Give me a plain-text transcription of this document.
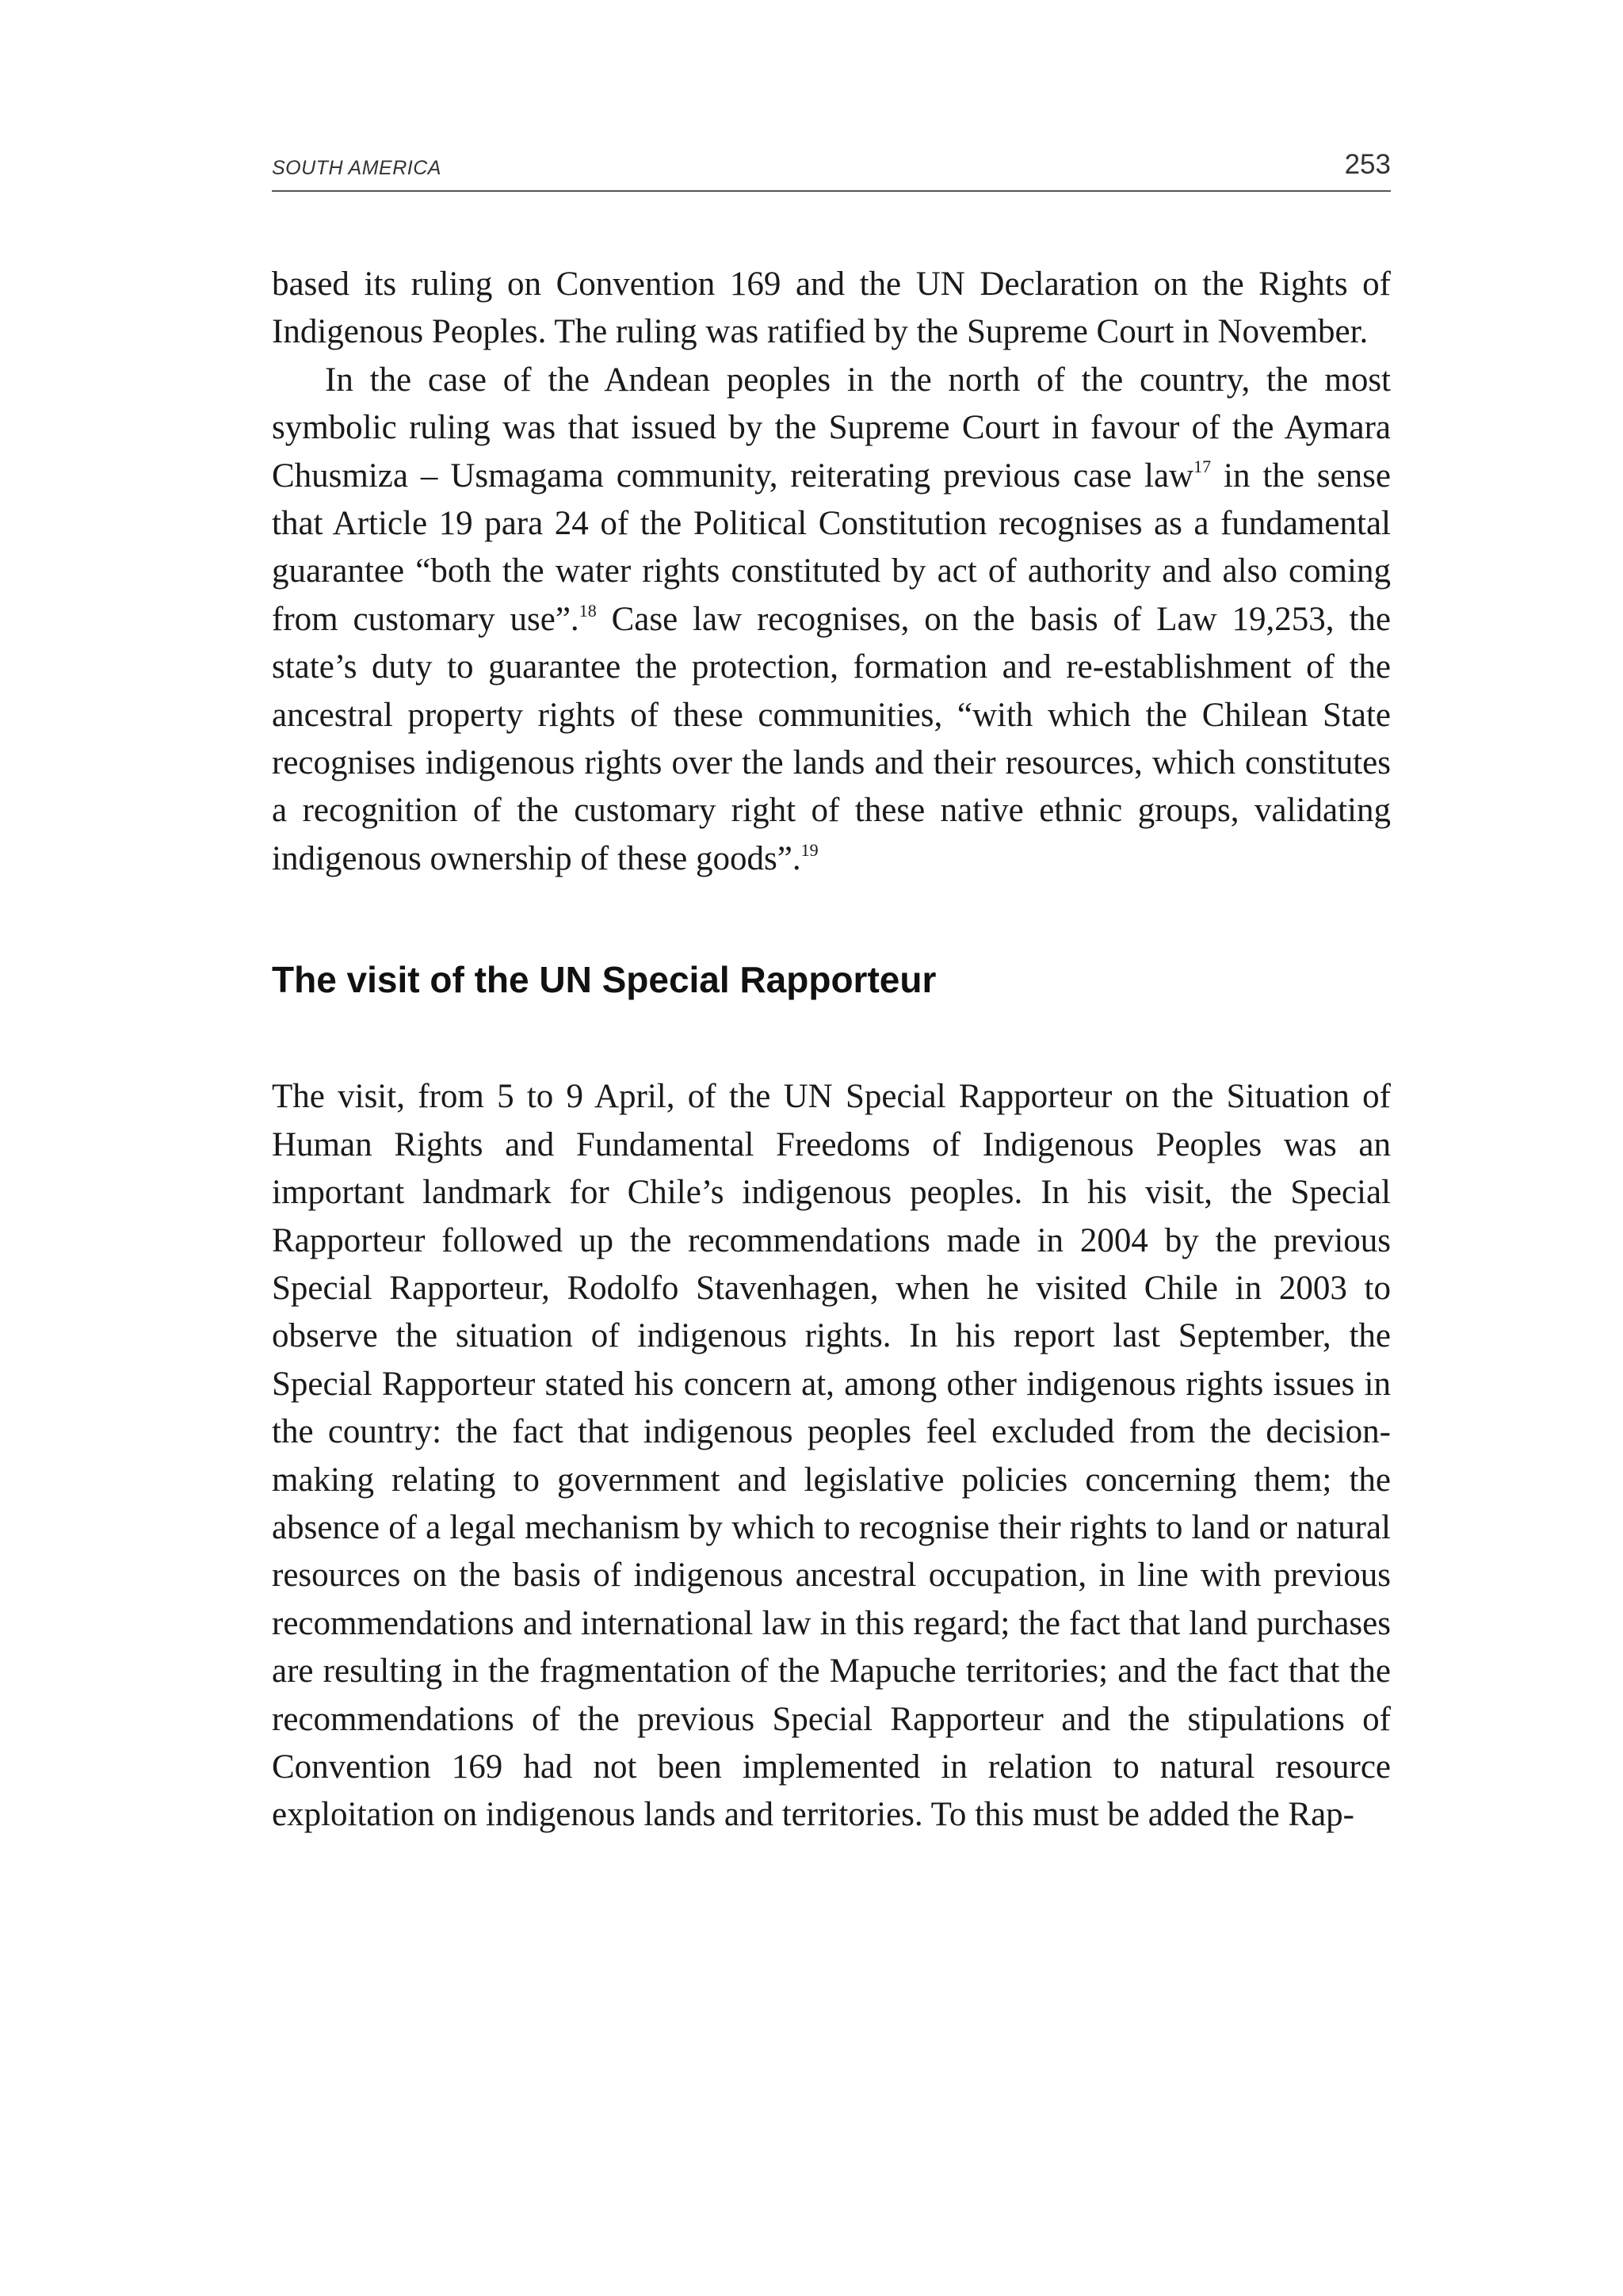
SOUTH AMERICA	253

based its ruling on Convention 169 and the UN Declaration on the Rights of Indigenous Peoples. The ruling was ratified by the Supreme Court in November.

In the case of the Andean peoples in the north of the country, the most symbolic ruling was that issued by the Supreme Court in favour of the Aymara Chusmiza – Usmagama community, reiterating previous case law$^{17}$ in the sense that Article 19 para 24 of the Political Constitution recognises as a fundamental guarantee “both the water rights constituted by act of authority and also coming from customary use”.$^{18}$ Case law recognises, on the basis of Law 19,253, the state’s duty to guarantee the protection, formation and re-establishment of the ancestral property rights of these communities, “with which the Chilean State recognises indigenous rights over the lands and their resources, which constitutes a recognition of the customary right of these native ethnic groups, validating indigenous ownership of these goods”.$^{19}$

The visit of the UN Special Rapporteur

The visit, from 5 to 9 April, of the UN Special Rapporteur on the Situation of Human Rights and Fundamental Freedoms of Indigenous Peoples was an important landmark for Chile’s indigenous peoples. In his visit, the Special Rapporteur followed up the recommendations made in 2004 by the previous Special Rapporteur, Rodolfo Stavenhagen, when he visited Chile in 2003 to observe the situation of indigenous rights. In his report last September, the Special Rapporteur stated his concern at, among other indigenous rights issues in the country: the fact that indigenous peoples feel excluded from the decision-making relating to government and legislative policies concerning them; the absence of a legal mechanism by which to recognise their rights to land or natural resources on the basis of indigenous ancestral occupation, in line with previous recommendations and international law in this regard; the fact that land purchases are resulting in the fragmentation of the Mapuche territories; and the fact that the recommendations of the previous Special Rapporteur and the stipulations of Convention 169 had not been implemented in relation to natural resource exploitation on indigenous lands and territories. To this must be added the Rap-
